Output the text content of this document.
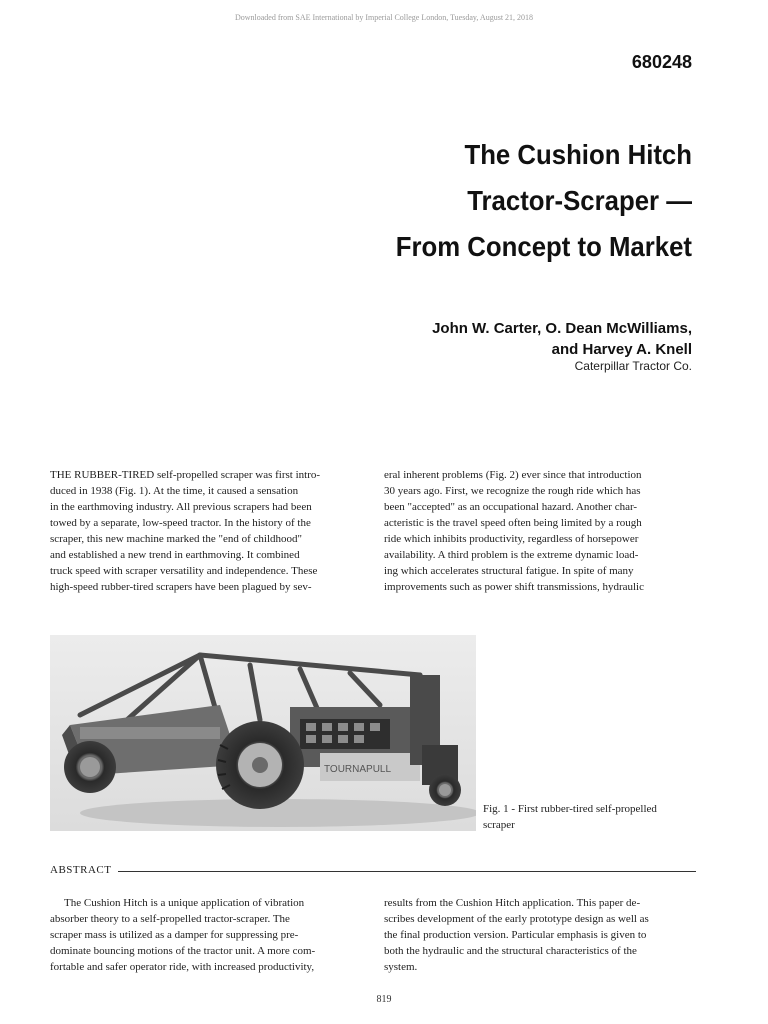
Downloaded from SAE International by Imperial College London, Tuesday, August 21, 2018
680248
The Cushion Hitch
Tractor-Scraper —
From Concept to Market
John W. Carter, O. Dean McWilliams,
and Harvey A. Knell
Caterpillar Tractor Co.
THE RUBBER-TIRED self-propelled scraper was first intro-
duced in 1938 (Fig. 1). At the time, it caused a sensation
in the earthmoving industry. All previous scrapers had been
towed by a separate, low-speed tractor. In the history of the
scraper, this new machine marked the "end of childhood"
and established a new trend in earthmoving. It combined
truck speed with scraper versatility and independence. These
high-speed rubber-tired scrapers have been plagued by sev-
eral inherent problems (Fig. 2) ever since that introduction
30 years ago. First, we recognize the rough ride which has
been "accepted" as an occupational hazard. Another char-
acteristic is the travel speed often being limited by a rough
ride which inhibits productivity, regardless of horsepower
availability. A third problem is the extreme dynamic load-
ing which accelerates structural fatigue. In spite of many
improvements such as power shift transmissions, hydraulic
TOURNAPULL
Fig. 1 - First rubber-tired self-propelled
scraper
ABSTRACT
The Cushion Hitch is a unique application of vibration
absorber theory to a self-propelled tractor-scraper. The
scraper mass is utilized as a damper for suppressing pre-
dominate bouncing motions of the tractor unit. A more com-
fortable and safer operator ride, with increased productivity,
results from the Cushion Hitch application. This paper de-
scribes development of the early prototype design as well as
the final production version. Particular emphasis is given to
both the hydraulic and the structural characteristics of the
system.
819
